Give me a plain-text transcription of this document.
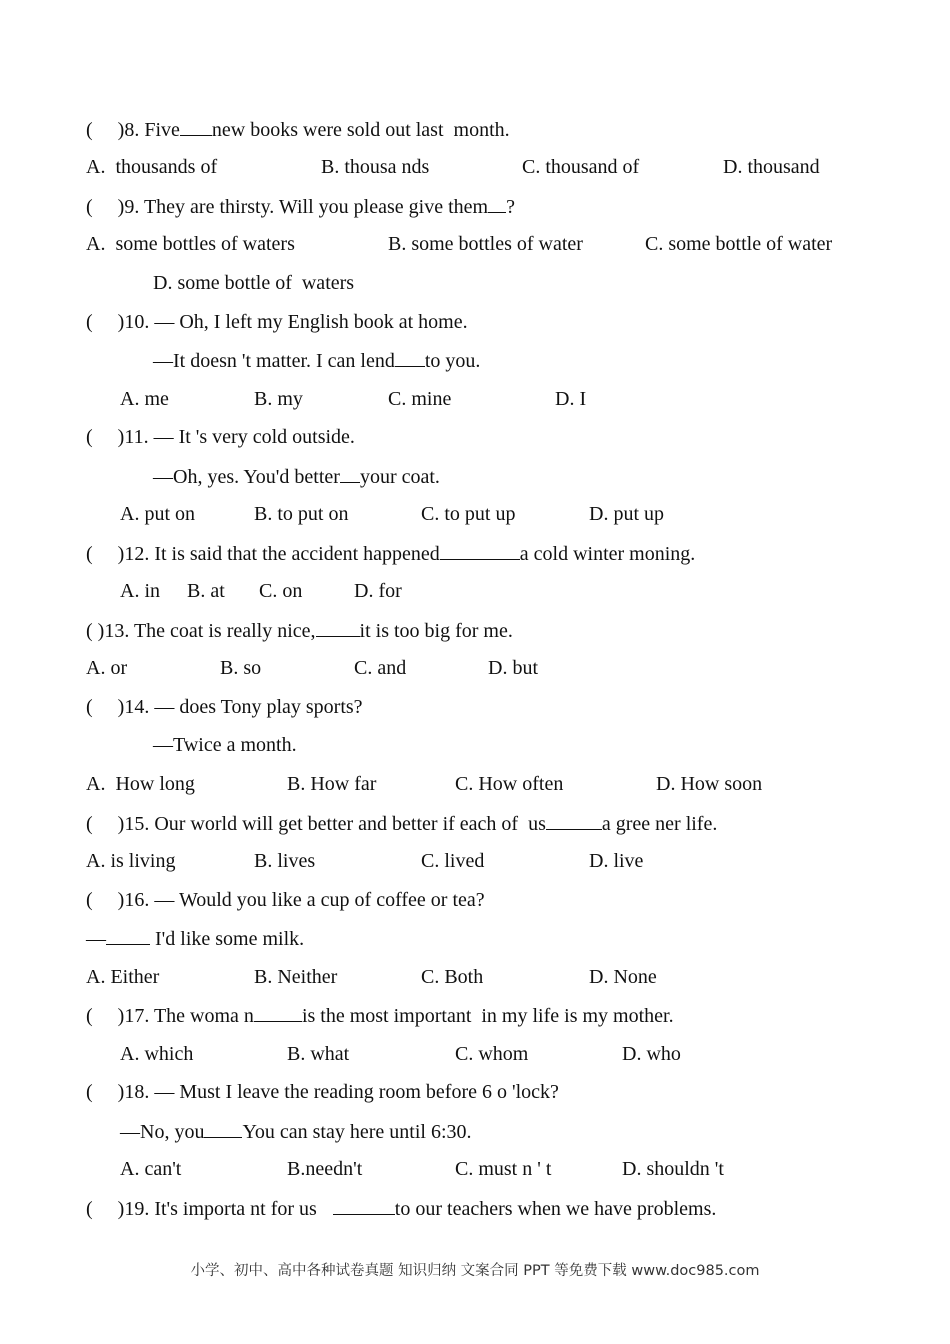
(     )8. Five new books were sold out last  month.
A.  thousands of	B. thousa nds	C. thousand of	D. thousand
(     )9. They are thirsty. Will you please give them ?
A.  some bottles of waters	B. some bottles of water	C. some bottle of water
D. some bottle of  waters
(     )10. — Oh, I left my English book at home.
—It doesn 't matter. I can lend to you.
A. me	B. my	C. mine	D. I
(     )11. — It 's very cold outside.
—Oh, yes. You'd better your coat.
A. put on	B. to put on	C. to put up	D. put up
(     )12. It is said that the accident happened	a cold winter moning.
A. in B. at C. on	D. for
( )13. The coat is really nice, it is too big for me.
A. or	B. so	C. and	D. but
(     )14. — does Tony play sports?
—Twice a month.
A.  How long	B. How far	C. How often	D. How soon
(     )15. Our world will get better and better if each of  us	a gree ner life.
A. is living	B. lives	C. lived	D. live
(     )16. — Would you like a cup of coffee or tea?
— I'd like some milk.
A. Either	B. Neither	C. Both	D. None
(     )17. The woma n is the most important  in my life is my mother.
A. which	B. what	C. whom	D. who
(     )18. — Must I leave the reading room before 6 o 'lock?
—No, you You can stay here until 6:30.
A. can't	B.needn't	C. must n ' t	D. shouldn 't
(     )19. It's importa nt for us	to our teachers when we have problems.
小学、初中、高中各种试卷真题 知识归纳 文案合同 PPT 等免费下载 www.doc985.com
